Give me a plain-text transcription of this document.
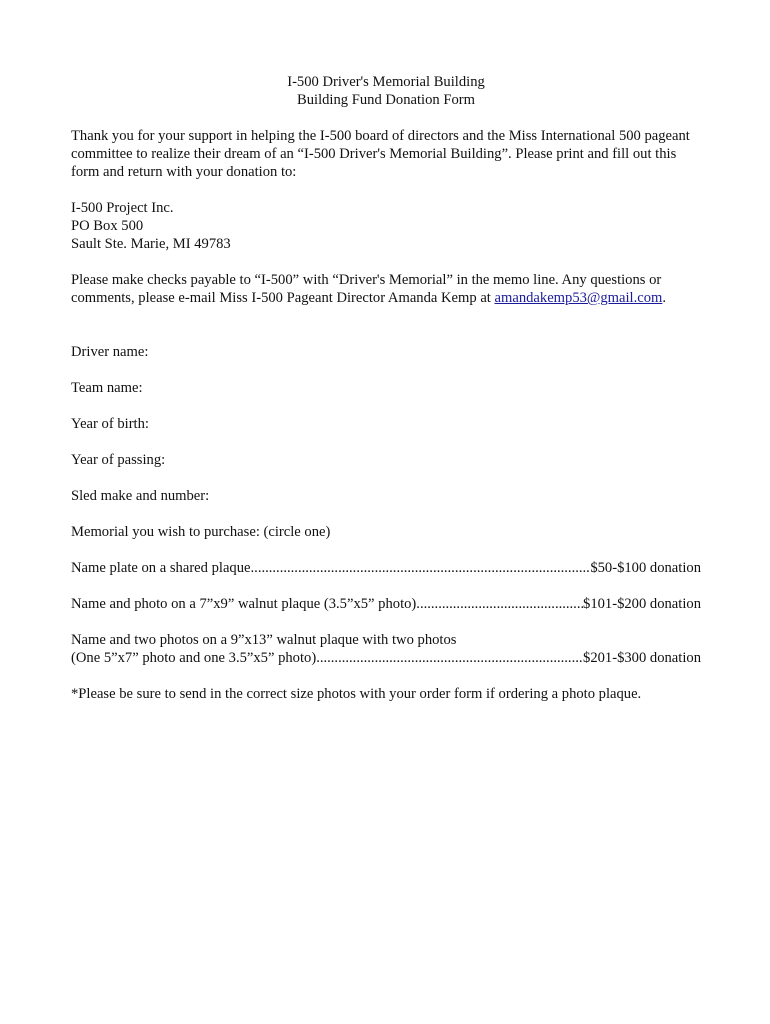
I-500 Driver's Memorial Building

Building Fund Donation Form

Thank you for your support in helping the I-500 board of directors and the Miss International 500 pageant committee to realize their dream of an “I-500 Driver's Memorial Building”. Please print and fill out this form and return with your donation to:

I-500 Project Inc.
PO Box 500
Sault Ste. Marie, MI 49783

Please make checks payable to “I-500” with “Driver's Memorial” in the memo line. Any questions or comments, please e-mail Miss I-500 Pageant Director Amanda Kemp at amandakemp53@gmail.com.

Driver name:

Team name:

Year of birth:

Year of passing:

Sled make and number:

Memorial you wish to purchase: (circle one)

Name plate on a shared plaque .....	$50-$100 donation
Name and photo on a 7”x9” walnut plaque (3.5”x5” photo) .....	$101-$200 donation

Name and two photos on a 9”x13” walnut plaque with two photos

(One 5”x7” photo and one 3.5”x5” photo) .....	$201-$300 donation

*Please be sure to send in the correct size photos with your order form if ordering a photo plaque.
